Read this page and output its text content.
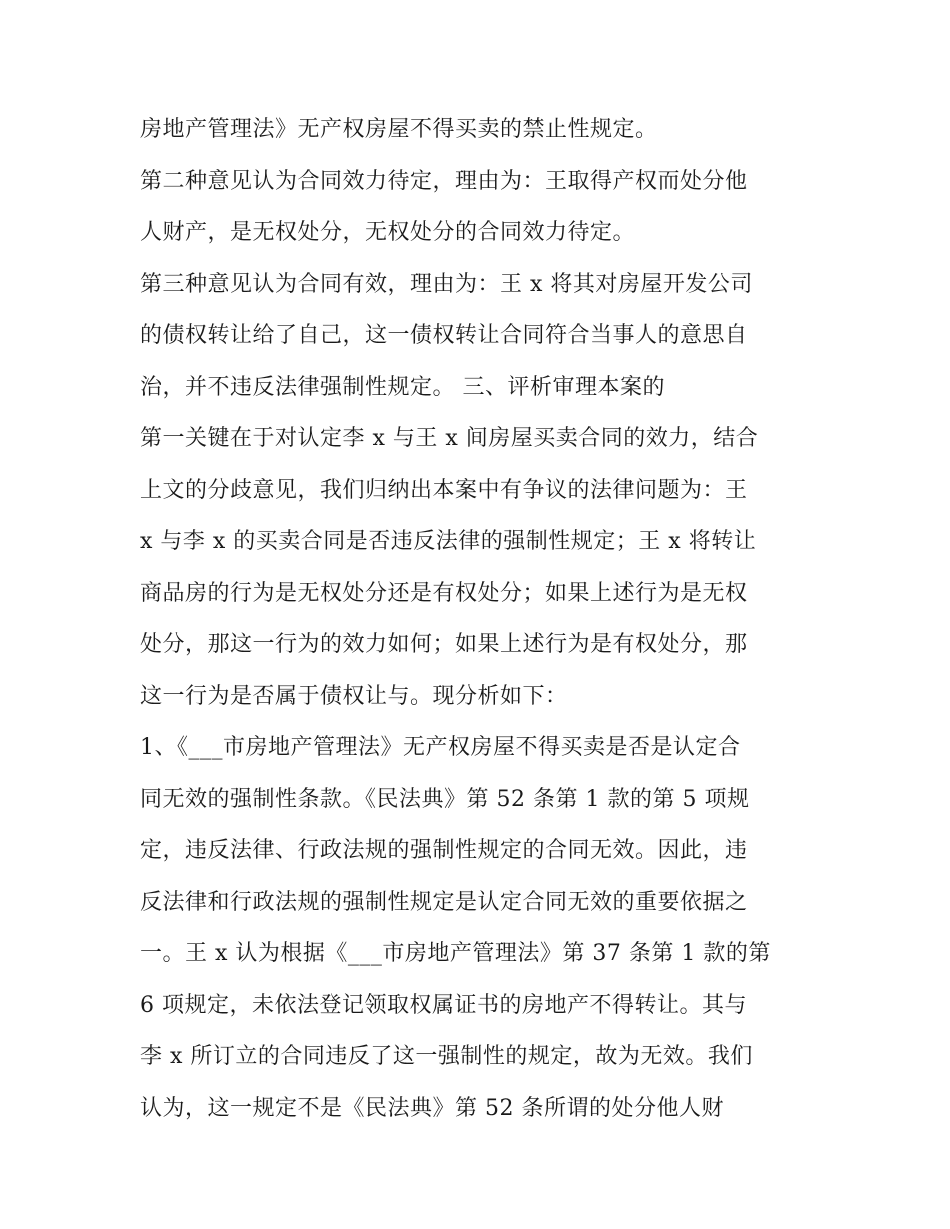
房地产管理法》无产权房屋不得买卖的禁止性规定。
第二种意见认为合同效力待定，理由为：王取得产权而处分他
人财产，是无权处分，无权处分的合同效力待定。
第三种意见认为合同有效，理由为：王 x 将其对房屋开发公司
的债权转让给了自己，这一债权转让合同符合当事人的意思自
治，并不违反法律强制性规定。 三、评析审理本案的
第一关键在于对认定李 x 与王 x 间房屋买卖合同的效力，结合
上文的分歧意见，我们归纳出本案中有争议的法律问题为：王
x 与李 x 的买卖合同是否违反法律的强制性规定；王 x 将转让
商品房的行为是无权处分还是有权处分；如果上述行为是无权
处分，那这一行为的效力如何；如果上述行为是有权处分，那
这一行为是否属于债权让与。现分析如下：
1、《___市房地产管理法》无产权房屋不得买卖是否是认定合
同无效的强制性条款。《民法典》第 52 条第 1 款的第 5 项规
定，违反法律、行政法规的强制性规定的合同无效。因此，违
反法律和行政法规的强制性规定是认定合同无效的重要依据之
一。王 x 认为根据《___市房地产管理法》第 37 条第 1 款的第
6 项规定，未依法登记领取权属证书的房地产不得转让。其与
李 x 所订立的合同违反了这一强制性的规定，故为无效。我们
认为，这一规定不是《民法典》第 52 条所谓的处分他人财
